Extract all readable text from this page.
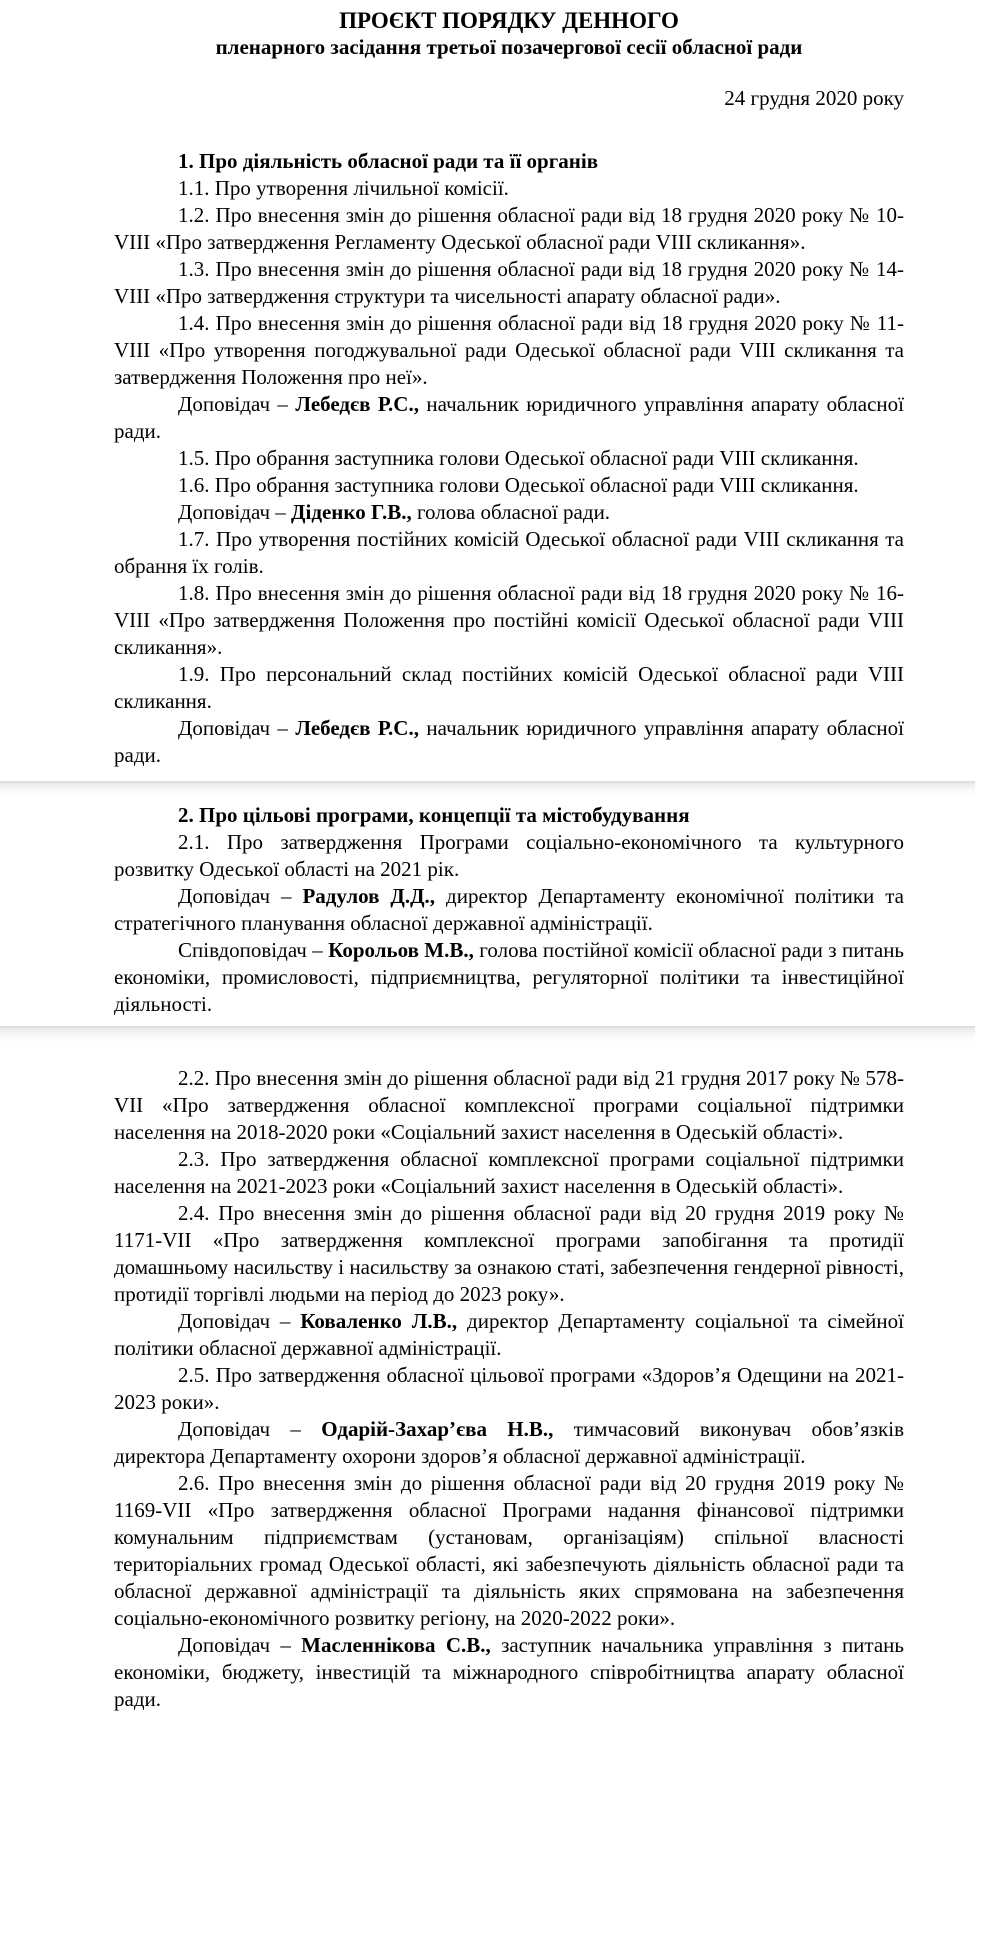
ПРОЄКТ ПОРЯДКУ ДЕННОГО
пленарного засідання третьої позачергової сесії обласної ради

24 грудня 2020 року

1. Про діяльність обласної ради та її органів

1.1. Про утворення лічильної комісії.

1.2. Про внесення змін до рішення обласної ради від 18 грудня 2020 року № 10-VIII «Про затвердження Регламенту Одеської обласної ради VIII скликання».

1.3. Про внесення змін до рішення обласної ради від 18 грудня 2020 року № 14-VIII «Про затвердження структури та чисельності апарату обласної ради».

1.4. Про внесення змін до рішення обласної ради від 18 грудня 2020 року № 11-VIII «Про утворення погоджувальної ради Одеської обласної ради VIII скликання та затвердження Положення про неї».

Доповідач – Лебедєв Р.С., начальник юридичного управління апарату обласної ради.

1.5. Про обрання заступника голови Одеської обласної ради VIII скликання.

1.6. Про обрання заступника голови Одеської обласної ради VIII скликання.

Доповідач – Діденко Г.В., голова обласної ради.

1.7. Про утворення постійних комісій Одеської обласної ради VIII скликання та обрання їх голів.

1.8. Про внесення змін до рішення обласної ради від 18 грудня 2020 року № 16-VIII «Про затвердження Положення про постійні комісії Одеської обласної ради VIII скликання».

1.9. Про персональний склад постійних комісій Одеської обласної ради VIII скликання.

Доповідач – Лебедєв Р.С., начальник юридичного управління апарату обласної ради.

2. Про цільові програми, концепції та містобудування

2.1. Про затвердження Програми соціально-економічного та культурного розвитку Одеської області на 2021 рік.

Доповідач – Радулов Д.Д., директор Департаменту економічної політики та стратегічного планування обласної державної адміністрації.

Співдоповідач – Корольов М.В., голова постійної комісії обласної ради з питань економіки, промисловості, підприємництва, регуляторної політики та інвестиційної діяльності.

2.2. Про внесення змін до рішення обласної ради від 21 грудня 2017 року № 578-VII «Про затвердження обласної комплексної програми соціальної підтримки населення на 2018-2020 роки «Соціальний захист населення в Одеській області».

2.3. Про затвердження обласної комплексної програми соціальної підтримки населення на 2021-2023 роки «Соціальний захист населення в Одеській області».

2.4. Про внесення змін до рішення обласної ради від 20 грудня 2019 року № 1171-VII «Про затвердження комплексної програми запобігання та протидії домашньому насильству і насильству за ознакою статі, забезпечення гендерної рівності, протидії торгівлі людьми на період до 2023 року».

Доповідач – Коваленко Л.В., директор Департаменту соціальної та сімейної політики обласної державної адміністрації.

2.5. Про затвердження обласної цільової програми «Здоров’я Одещини на 2021-2023 роки».

Доповідач – Одарій-Захар’єва Н.В., тимчасовий виконувач обов’язків директора Департаменту охорони здоров’я обласної державної адміністрації.

2.6. Про внесення змін до рішення обласної ради від 20 грудня 2019 року № 1169-VII «Про затвердження обласної Програми надання фінансової підтримки комунальним підприємствам (установам, організаціям) спільної власності територіальних громад Одеської області, які забезпечують діяльність обласної ради та обласної державної адміністрації та діяльність яких спрямована на забезпечення соціально-економічного розвитку регіону, на 2020-2022 роки».

Доповідач – Масленнікова С.В., заступник начальника управління з питань економіки, бюджету, інвестицій та міжнародного співробітництва апарату обласної ради.
